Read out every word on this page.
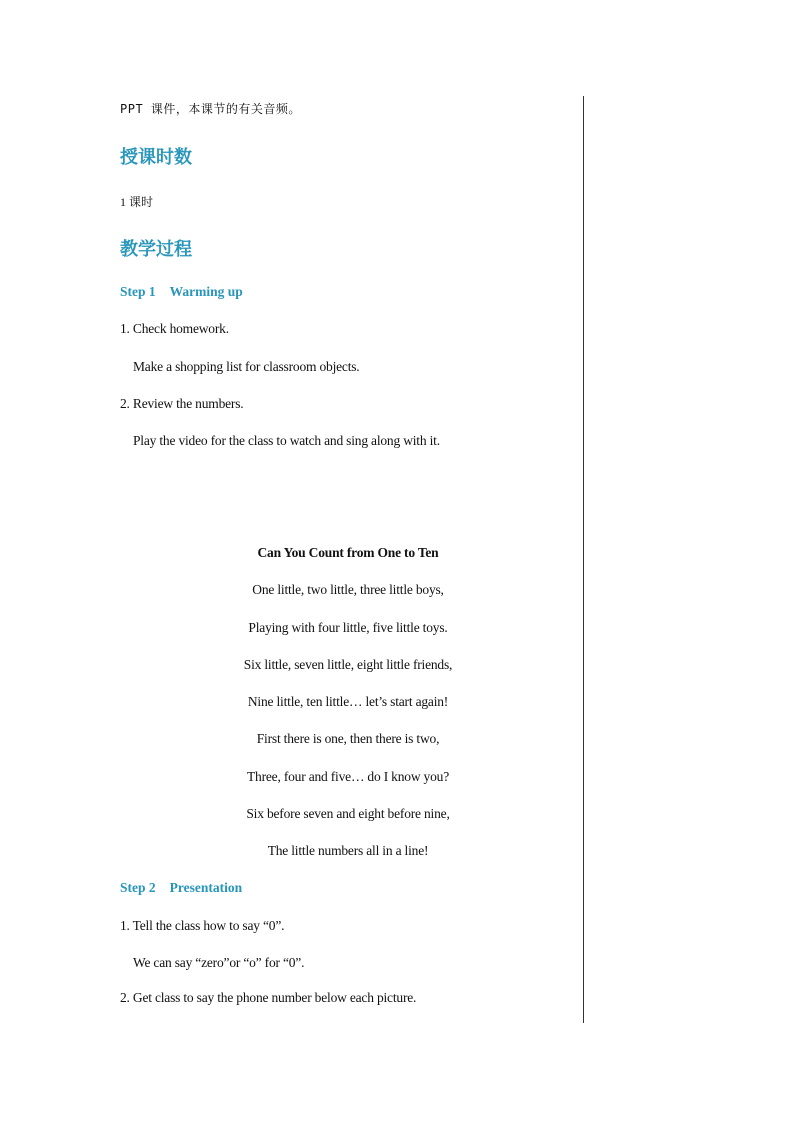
PPT 课件，本课节的有关音频。
授课时数
1 课时
教学过程
Step 1 Warming up
1. Check homework.
Make a shopping list for classroom objects.
2. Review the numbers.
Play the video for the class to watch and sing along with it.
Can You Count from One to Ten
One little, two little, three little boys,
Playing with four little, five little toys.
Six little, seven little, eight little friends,
Nine little, ten little… let’s start again!
First there is one, then there is two,
Three, four and five… do I know you?
Six before seven and eight before nine,
The little numbers all in a line!
Step 2 Presentation
1. Tell the class how to say “0”.
We can say “zero”or “o” for “0”.
2. Get class to say the phone number below each picture.
